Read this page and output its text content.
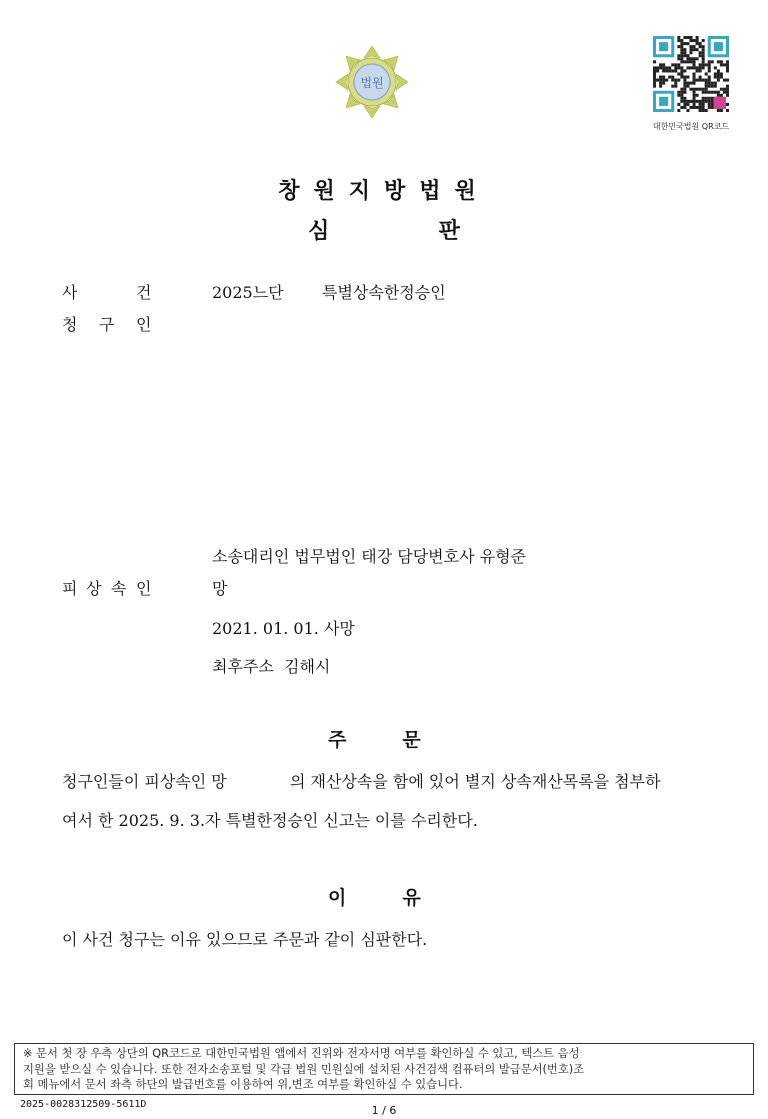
법원
대한민국법원 QR코드
창원지방법원
심	판
사	건	2025느단 특별상속한정승인
청 구 인
소송대리인 법무법인 태강 담당변호사 유형준
피 상 속 인	망
2021. 01. 01. 사망
최후주소  김해시
주	문
청구인들이 피상속인 망	의 재산상속을 함에 있어 별지 상속재산목록을 첨부하
여서 한 2025. 9. 3.자 특별한정승인 신고는 이를 수리한다.
이	유
이 사건 청구는 이유 있으므로 주문과 같이 심판한다.
※ 문서 첫 장 우측 상단의 QR코드로 대한민국법원 앱에서 진위와 전자서명 여부를 확인하실 수 있고, 텍스트 음성
지원을 받으실 수 있습니다. 또한 전자소송포털 및 각급 법원 민원실에 설치된 사건검색 컴퓨터의 발급문서(번호)조
회 메뉴에서 문서 좌측 하단의 발급번호를 이용하여 위,변조 여부를 확인하실 수 있습니다.
2025-0028312509-5611D	1 / 6
